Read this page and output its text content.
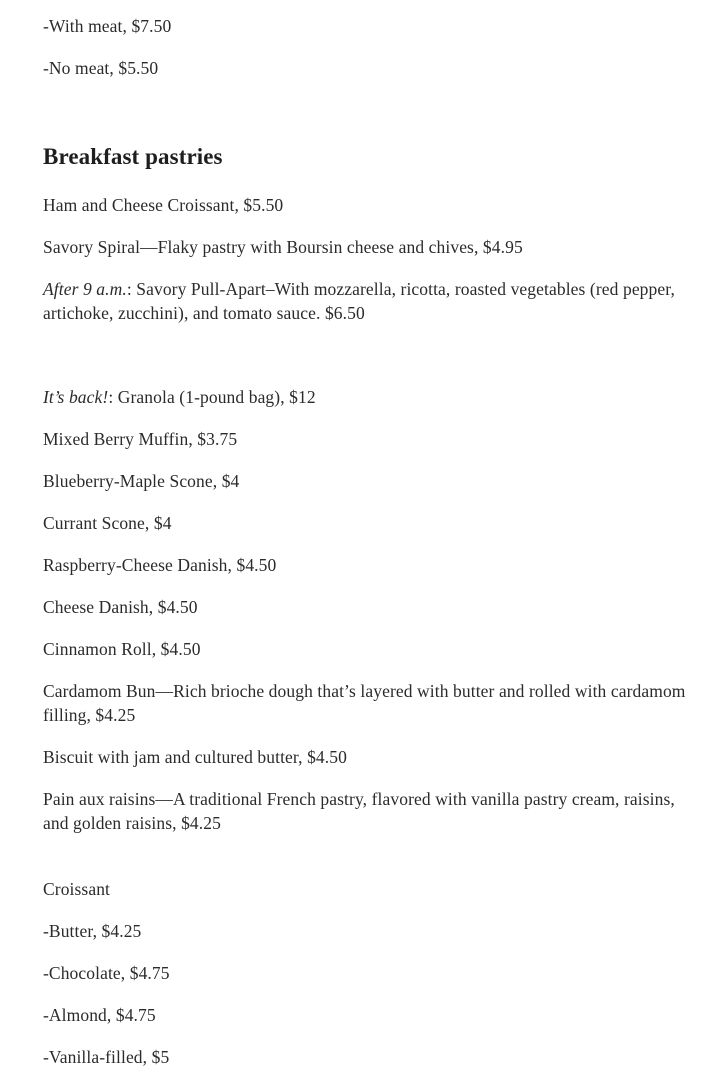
-With meat, $7.50
-No meat, $5.50
Breakfast pastries
Ham and Cheese Croissant, $5.50
Savory Spiral—Flaky pastry with Boursin cheese and chives, $4.95
After 9 a.m.: Savory Pull-Apart–With mozzarella, ricotta, roasted vegetables (red pepper, artichoke, zucchini), and tomato sauce. $6.50
It’s back!: Granola (1-pound bag), $12
Mixed Berry Muffin, $3.75
Blueberry-Maple Scone, $4
Currant Scone, $4
Raspberry-Cheese Danish, $4.50
Cheese Danish, $4.50
Cinnamon Roll, $4.50
Cardamom Bun—Rich brioche dough that’s layered with butter and rolled with cardamom filling, $4.25
Biscuit with jam and cultured butter, $4.50
Pain aux raisins—A traditional French pastry, flavored with vanilla pastry cream, raisins, and golden raisins, $4.25
Croissant
-Butter, $4.25
-Chocolate, $4.75
-Almond, $4.75
-Vanilla-filled, $5
